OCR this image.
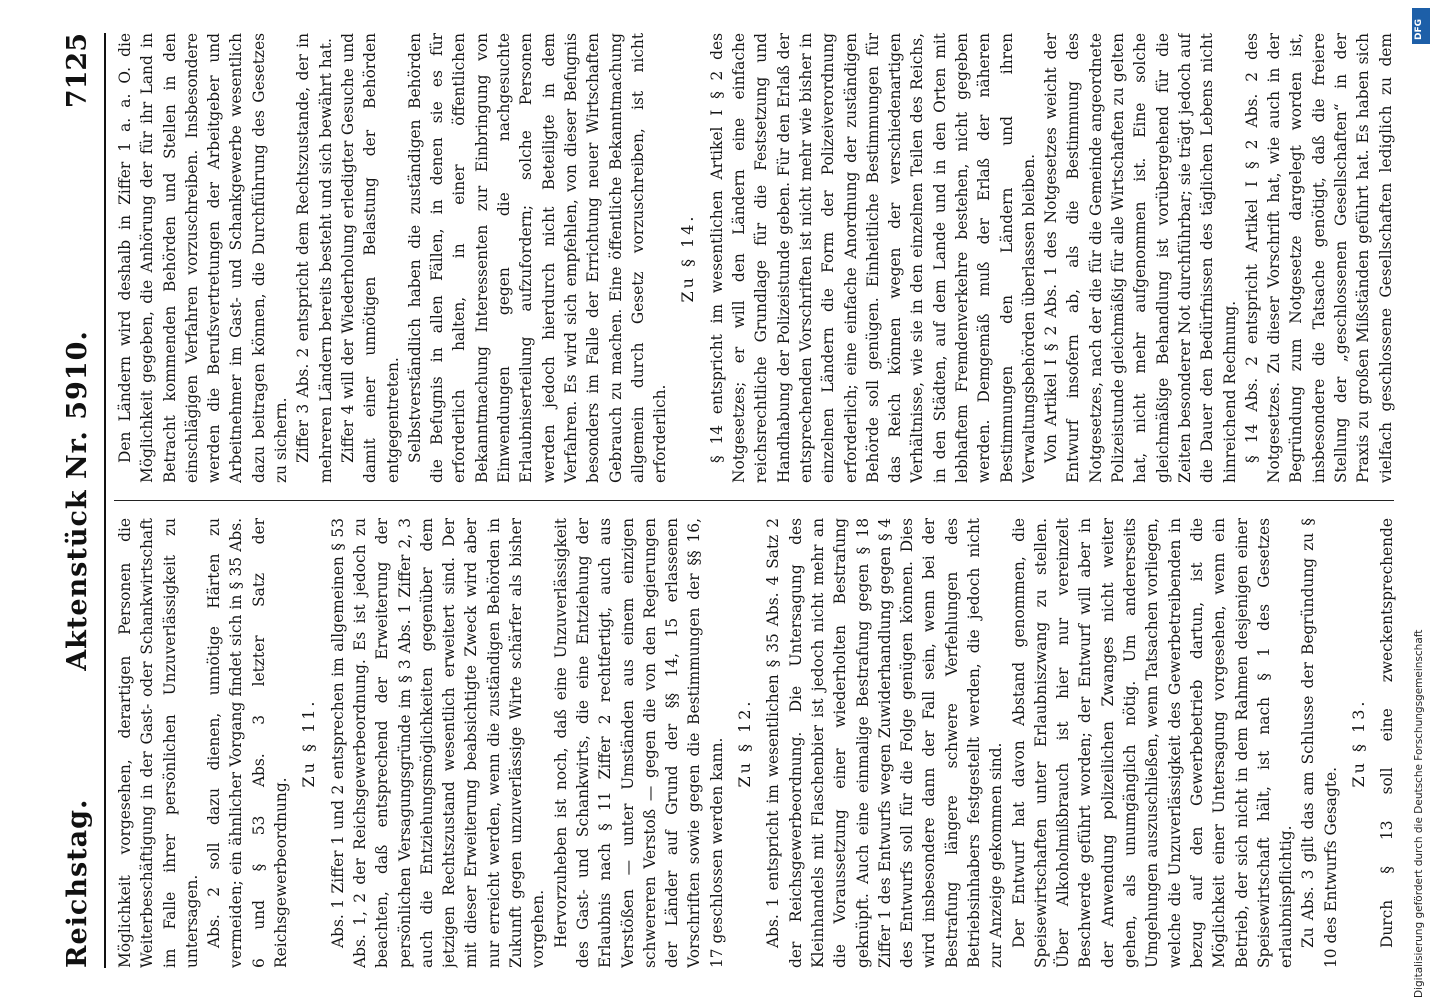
Reichstag.
Aktenstück Nr. 5910.
7125

Möglichkeit vorgesehen, derartigen Personen die Weiterbeschäftigung in der Gast- oder Schankwirtschaft im Falle ihrer persönlichen Unzuverlässigkeit zu untersagen. Abs. 2 soll dazu dienen, unnötige Härten zu vermeiden; ein ähnlicher Vorgang findet sich in § 35 Abs. 6 und § 53 Abs. 3 letzter Satz der Reichsgewerbeordnung.

Zu § 11. Abs. 1 Ziffer 1 und 2 entsprechen im allgemeinen § 53 Abs. 1, 2 der Reichsgewerbeordnung. Es ist jedoch zu beachten, daß entsprechend der Erweiterung der persönlichen Versagungsgründe im § 3 Abs. 1 Ziffer 2, 3 auch die Entziehungsmöglichkeiten gegenüber dem jetzigen Rechtszustand wesentlich erweitert sind. Der mit dieser Erweiterung beabsichtigte Zweck wird aber nur erreicht werden, wenn die zuständigen Behörden in Zukunft gegen unzuverlässige Wirte schärfer als bisher vorgehen. Hervorzuheben ist noch, daß eine Unzuverlässigkeit des Gast- und Schankwirts, die eine Entziehung der Erlaubnis nach § 11 Ziffer 2 rechtfertigt, auch aus Verstößen — unter Umständen aus einem einzigen schwereren Verstoß — gegen die von den Regierungen der Länder auf Grund der §§ 14, 15 erlassenen Vorschriften sowie gegen die Bestimmungen der §§ 16, 17 geschlossen werden kann. Zu § 12. Abs. 1 entspricht im wesentlichen § 35 Abs. 4 Satz 2 der Reichsgewerbeordnung. Die Untersagung des Kleinhandels mit Flaschenbier ist jedoch nicht mehr an die Voraussetzung einer wiederholten Bestrafung geknüpft. Auch eine einmalige Bestrafung gegen § 18 Ziffer 1 des Entwurfs wegen Zuwiderhandlung gegen § 4 des Entwurfs soll für die Folge genügen können. Dies wird insbesondere dann der Fall sein, wenn bei der Bestrafung längere schwere Verfehlungen des Betriebsinhabers festgestellt werden, die jedoch nicht zur Anzeige gekommen sind. Der Entwurf hat davon Abstand genommen, die Speisewirtschaften unter Erlaubniszwang zu stellen. Über Alkoholmißbrauch ist hier nur vereinzelt Beschwerde geführt worden; der Entwurf will aber in der Anwendung polizeilichen Zwanges nicht weiter gehen, als unumgänglich nötig. Um andererseits Umgehungen auszuschließen, wenn Tatsachen vorliegen, welche die Unzuverlässigkeit des Gewerbetreibenden in bezug auf den Gewerbebetrieb dartun, ist die Möglichkeit einer Untersagung vorgesehen, wenn ein Betrieb, der sich nicht in dem Rahmen desjenigen einer Speisewirtschaft hält, ist nach § 1 des Gesetzes erlaubnispflichtig. Zu Abs. 3 gilt das am Schlusse der Begründung zu § 10 des Entwurfs Gesagte.

Zu § 13.

Durch § 13 soll eine zweckentsprechende

Den Ländern wird deshalb in Ziffer 1 a. a. O. die Möglichkeit gegeben, die Anhörung der für ihr Land in Betracht kommenden Behörden und Stellen in den einschlägigen Verfahren vorzuschreiben. Insbesondere werden die Berufsvertretungen der Arbeitgeber und Arbeitnehmer im Gast- und Schankgewerbe wesentlich dazu beitragen können, die Durchführung des Gesetzes zu sichern. Ziffer 3 Abs. 2 entspricht dem Rechtszustande, der in mehreren Ländern bereits besteht und sich bewährt hat. Ziffer 4 will der Wiederholung erledigter Gesuche und damit einer unnötigen Belastung der Behörden entgegentreten. Selbstverständlich haben die zuständigen Behörden die Befugnis in allen Fällen, in denen sie es für erforderlich halten, in einer öffentlichen Bekanntmachung Interessenten zur Einbringung von Einwendungen gegen die nachgesuchte Erlaubniserteilung aufzufordern; solche Personen werden jedoch hierdurch nicht Beteiligte in dem Verfahren. Es wird sich empfehlen, von dieser Befugnis besonders im Falle der Errichtung neuer Wirtschaften Gebrauch zu machen. Eine öffentliche Bekanntmachung allgemein durch Gesetz vorzuschreiben, ist nicht erforderlich.

Zu § 14. § 14 entspricht im wesentlichen Artikel I § 2 des Notgesetzes; er will den Ländern eine einfache reichsrechtliche Grundlage für die Festsetzung und Handhabung der Polizeistunde geben. Für den Erlaß der entsprechenden Vorschriften ist nicht mehr wie bisher in einzelnen Ländern die Form der Polizeiverordnung erforderlich; eine einfache Anordnung der zuständigen Behörde soll genügen. Einheitliche Bestimmungen für das Reich können wegen der verschiedenartigen Verhältnisse, wie sie in den einzelnen Teilen des Reichs, in den Städten, auf dem Lande und in den Orten mit lebhaftem Fremdenverkehre bestehen, nicht gegeben werden. Demgemäß muß der Erlaß der näheren Bestimmungen den Ländern und ihren Verwaltungsbehörden überlassen bleiben. Von Artikel I § 2 Abs. 1 des Notgesetzes weicht der Entwurf insofern ab, als die Bestimmung des Notgesetzes, nach der die für die Gemeinde angeordnete Polizeistunde gleichmäßig für alle Wirtschaften zu gelten hat, nicht mehr aufgenommen ist. Eine solche gleichmäßige Behandlung ist vorübergehend für die Zeiten besonderer Not durchführbar; sie trägt jedoch auf die Dauer den Bedürfnissen des täglichen Lebens nicht hinreichend Rechnung. § 14 Abs. 2 entspricht Artikel I § 2 Abs. 2 des Notgesetzes. Zu dieser Vorschrift hat, wie auch in der Begründung zum Notgesetze dargelegt worden ist, insbesondere die Tatsache genötigt, daß die freiere Stellung der „geschlossenen Gesellschaften“ in der Praxis zu großen Mißständen geführt hat. Es haben sich vielfach geschlossene Gesellschaften lediglich zu dem

Digitalisierung gefördert durch die Deutsche Forschungsgemeinschaft
DFG
